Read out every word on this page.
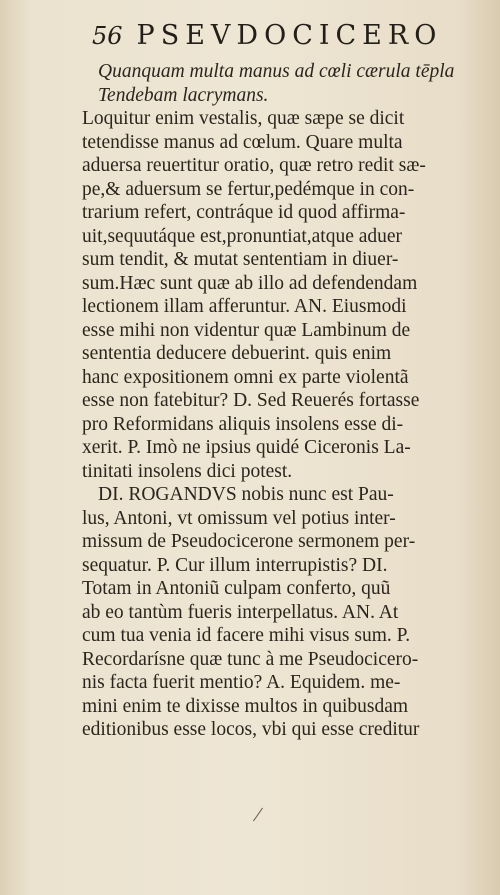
56 PSEVDOCICERO
Quanquam multa manus ad cœli cærula tēpla
Tendebam lacrymans.
Loquitur enim vestalis, quæ sæpe se dicit
tetendisse manus ad cœlum. Quare multa
aduersa reuertitur oratio, quæ retro redit sæ-
pe,& aduersum se fertur,pedémque in con-
trarium refert, contráque id quod affirma-
uit,sequutáque est,pronuntiat,atque aduer
sum tendit, & mutat sententiam in diuer-
sum.Hæc sunt quæ ab illo ad defendendam
lectionem illam afferuntur. AN. Eiusmodi
esse mihi non videntur quæ Lambinum de
sententia deducere debuerint. quis enim
hanc expositionem omni ex parte violentã
esse non fatebitur? D. Sed Reuerés fortasse
pro Reformidans aliquis insolens esse di-
xerit. P. Imò ne ipsius quidé Ciceronis La-
tinitati insolens dici potest.
DI. ROGANDVS nobis nunc est Pau-
lus, Antoni, vt omissum vel potius inter-
missum de Pseudocicerone sermonem per-
sequatur. P. Cur illum interrupistis? DI.
Totam in Antoniũ culpam conferto, quũ
ab eo tantùm fueris interpellatus. AN. At
cum tua venia id facere mihi visus sum. P.
Recordarísne quæ tunc à me Pseudocicero-
nis facta fuerit mentio? A. Equidem. me-
mini enim te dixisse multos in quibusdam
editionibus esse locos, vbi qui esse creditur
